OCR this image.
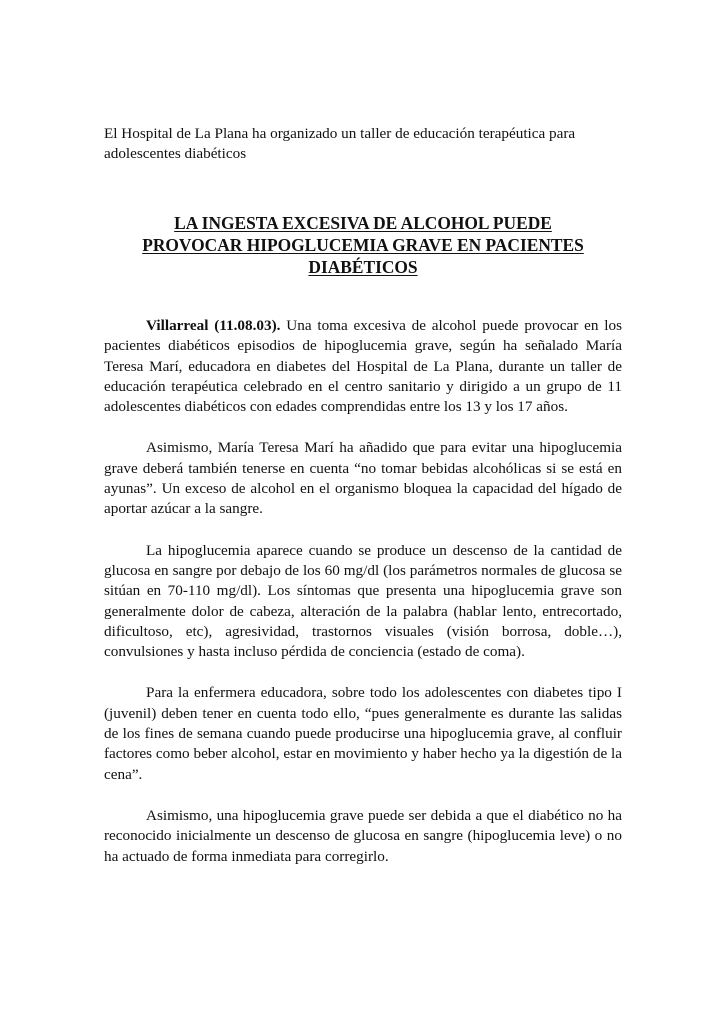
El Hospital de La Plana ha organizado un taller de educación terapéutica para adolescentes diabéticos

LA INGESTA EXCESIVA DE ALCOHOL PUEDE
PROVOCAR HIPOGLUCEMIA GRAVE EN PACIENTES
DIABÉTICOS

Villarreal (11.08.03). Una toma excesiva de alcohol puede provocar en los pacientes diabéticos episodios de hipoglucemia grave, según ha señalado María Teresa Marí, educadora en diabetes del Hospital de La Plana, durante un taller de educación terapéutica celebrado en el centro sanitario y dirigido a un grupo de 11 adolescentes diabéticos con edades comprendidas entre los 13 y los 17 años.

Asimismo, María Teresa Marí ha añadido que para evitar una hipoglucemia grave deberá también tenerse en cuenta “no tomar bebidas alcohólicas si se está en ayunas”. Un exceso de alcohol en el organismo bloquea la capacidad del hígado de aportar azúcar a la sangre.

La hipoglucemia aparece cuando se produce un descenso de la cantidad de glucosa en sangre por debajo de los 60 mg/dl (los parámetros normales de glucosa se sitúan en 70-110 mg/dl). Los síntomas que presenta una hipoglucemia grave son generalmente dolor de cabeza, alteración de la palabra (hablar lento, entrecortado, dificultoso, etc), agresividad, trastornos visuales (visión borrosa, doble…), convulsiones y hasta incluso pérdida de conciencia (estado de coma).

Para la enfermera educadora, sobre todo los adolescentes con diabetes tipo I (juvenil) deben tener en cuenta todo ello, “pues generalmente es durante las salidas de los fines de semana cuando puede producirse una hipoglucemia grave, al confluir factores como beber alcohol, estar en movimiento y haber hecho ya la digestión de la cena”.

Asimismo, una hipoglucemia grave puede ser debida a que el diabético no ha reconocido inicialmente un descenso de glucosa en sangre (hipoglucemia leve) o no ha actuado de forma inmediata para corregirlo.
